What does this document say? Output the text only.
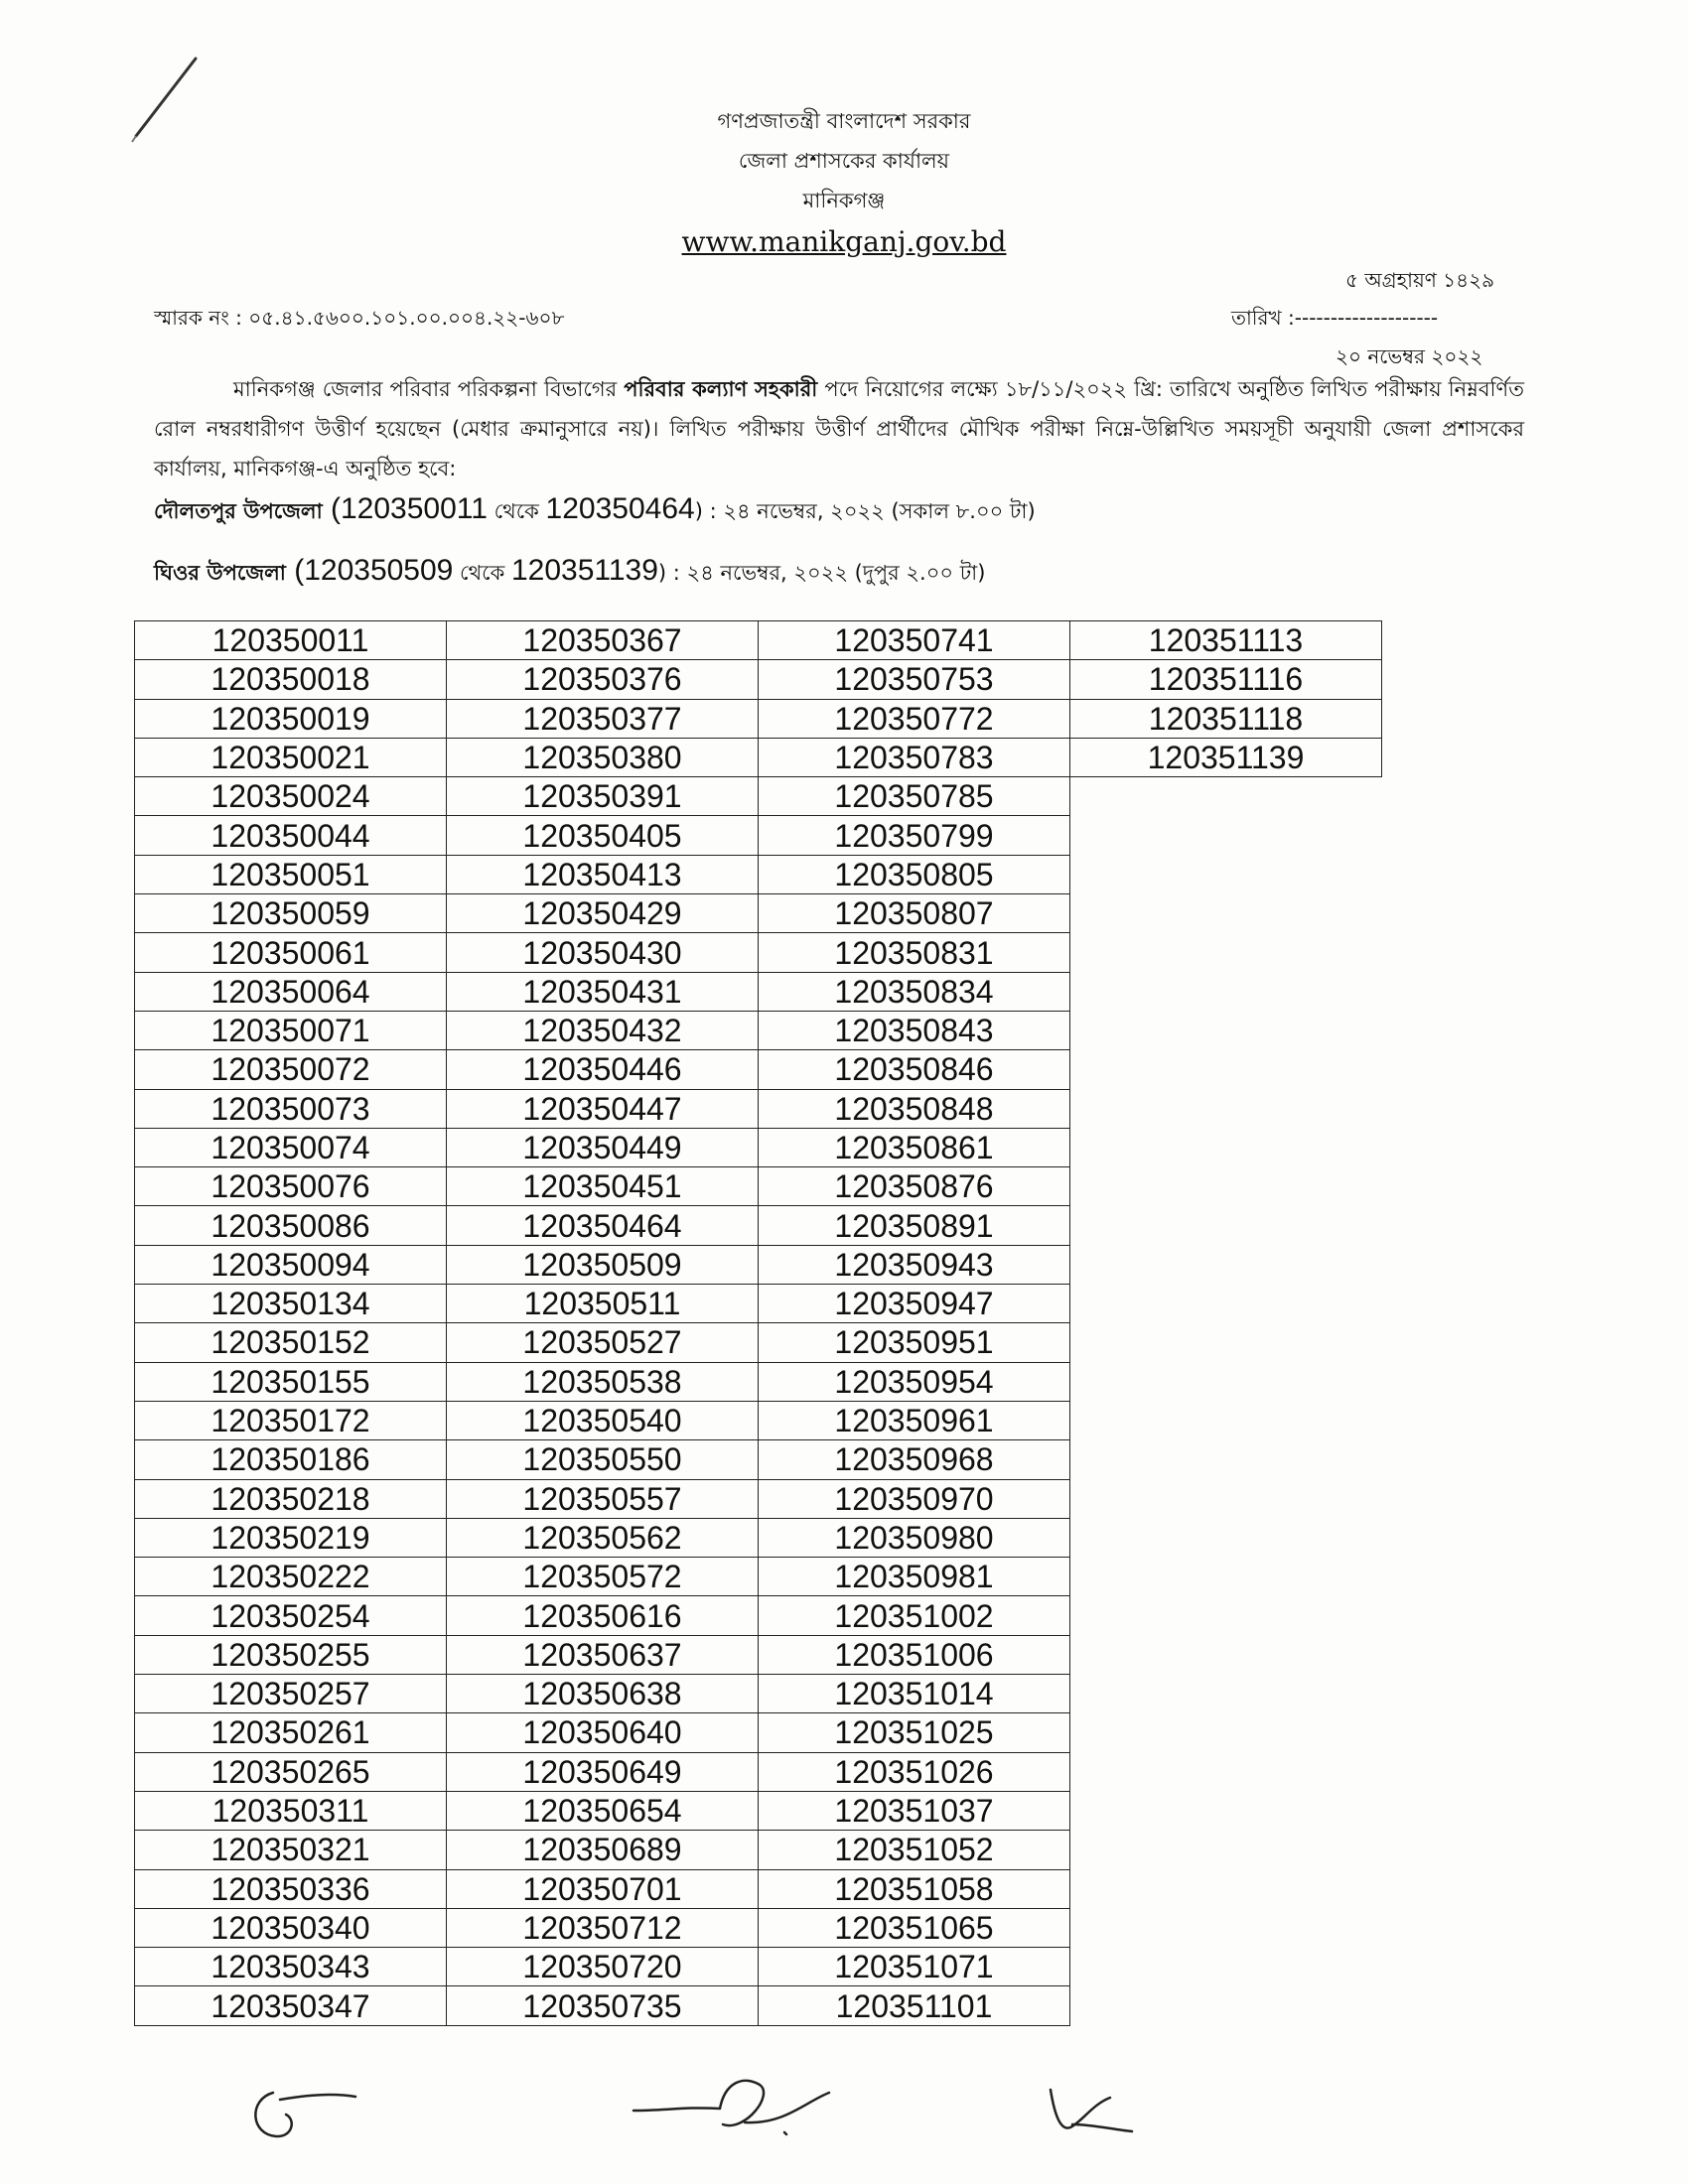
গণপ্রজাতন্ত্রী বাংলাদেশ সরকার
জেলা প্রশাসকের কার্যালয়
মানিকগঞ্জ
www.manikganj.gov.bd
৫ অগ্রহায়ণ ১৪২৯
স্মারক নং : ০৫.৪১.৫৬০০.১০১.০০.০০৪.২২-৬০৮	তারিখ :--------------------
২০ নভেম্বর ২০২২
মানিকগঞ্জ জেলার পরিবার পরিকল্পনা বিভাগের পরিবার কল্যাণ সহকারী পদে নিয়োগের লক্ষ্যে ১৮/১১/২০২২ খ্রি: তারিখে অনুষ্ঠিত লিখিত পরীক্ষায় নিম্নবর্ণিত রোল নম্বরধারীগণ উত্তীর্ণ হয়েছেন (মেধার ক্রমানুসারে নয়)। লিখিত পরীক্ষায় উত্তীর্ণ প্রার্থীদের মৌখিক পরীক্ষা নিম্নে-উল্লিখিত সময়সূচী অনুযায়ী জেলা প্রশাসকের কার্যালয়, মানিকগঞ্জ-এ অনুষ্ঠিত হবে:
দৌলতপুর উপজেলা (120350011 থেকে 120350464) : ২৪ নভেম্বর, ২০২২ (সকাল ৮.০০ টা)
ঘিওর উপজেলা (120350509 থেকে 120351139) : ২৪ নভেম্বর, ২০২২ (দুপুর ২.০০ টা)
120350011	120350367	120350741	120351113
120350018	120350376	120350753	120351116
120350019	120350377	120350772	120351118
120350021	120350380	120350783	120351139
120350024	120350391	120350785	
120350044	120350405	120350799	
120350051	120350413	120350805	
120350059	120350429	120350807	
120350061	120350430	120350831	
120350064	120350431	120350834	
120350071	120350432	120350843	
120350072	120350446	120350846	
120350073	120350447	120350848	
120350074	120350449	120350861	
120350076	120350451	120350876	
120350086	120350464	120350891	
120350094	120350509	120350943	
120350134	120350511	120350947	
120350152	120350527	120350951	
120350155	120350538	120350954	
120350172	120350540	120350961	
120350186	120350550	120350968	
120350218	120350557	120350970	
120350219	120350562	120350980	
120350222	120350572	120350981	
120350254	120350616	120351002	
120350255	120350637	120351006	
120350257	120350638	120351014	
120350261	120350640	120351025	
120350265	120350649	120351026	
120350311	120350654	120351037	
120350321	120350689	120351052	
120350336	120350701	120351058	
120350340	120350712	120351065	
120350343	120350720	120351071	
120350347	120350735	120351101	
